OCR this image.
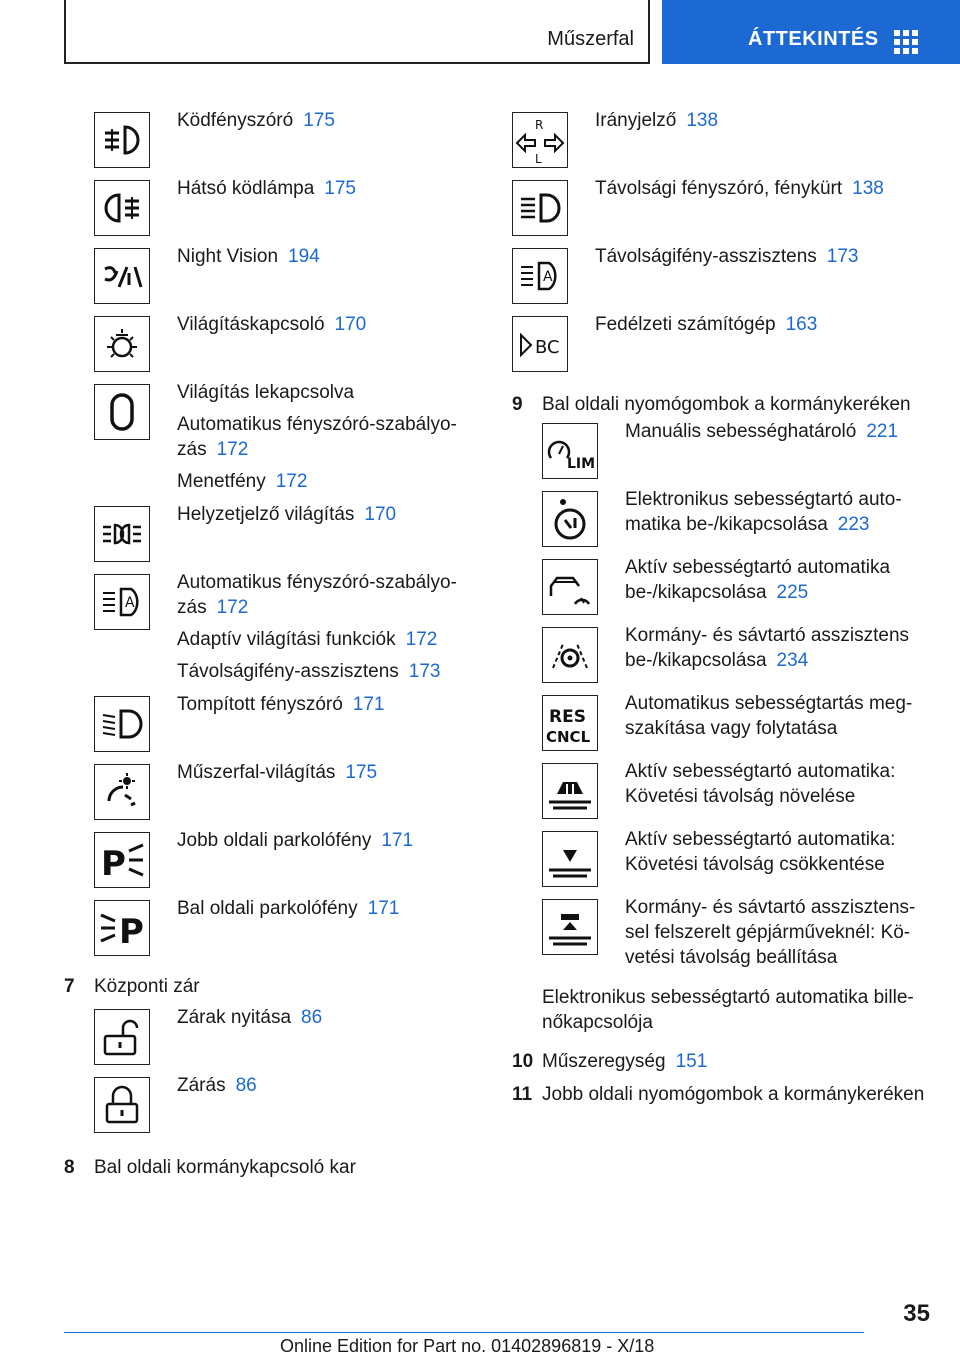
Műszerfal	ÁTTEKINTÉS

Ködfényszóró 175

Hátsó ködlámpa 175

Night Vision 194

Világításkapcsoló 170

Világítás lekapcsolva

Automatikus fényszóró-szabályo-zás 172

Menetfény 172

Helyzetjelző világítás 170

A

Automatikus fényszóró-szabályo-zás 172

Adaptív világítási funkciók 172

Távolságifény-asszisztens 173

Tompított fényszóró 171

Műszerfal-világítás 175

P

Jobb oldali parkolófény 171

P

Bal oldali parkolófény 171

7 Központi zár

Zárak nyitása 86

Zárás 86

8 Bal oldali kormánykapcsoló kar
R
L

Irányjelző 138

Távolsági fényszóró, fénykürt 138

A

Távolságifény-asszisztens 173

BC

Fedélzeti számítógép 163

9 Bal oldali nyomógombok a kormánykeréken
LIM

Manuális sebességhatároló 221

Elektronikus sebességtartó auto-matika be-/kikapcsolása 223

Aktív sebességtartó automatika be-/kikapcsolása 225

Kormány- és sávtartó asszisztens be-/kikapcsolása 234

RES
CNCL

Automatikus sebességtartás meg-szakítása vagy folytatása

Aktív sebességtartó automatika: Követési távolság növelése

Aktív sebességtartó automatika: Követési távolság csökkentése

Kormány- és sávtartó asszisztens-sel felszerelt gépjárműveknél: Kö-vetési távolság beállítása

Elektronikus sebességtartó automatika bille-nőkapcsolója
10 Műszeregység 151
11 Jobb oldali nyomógombok a kormánykeréken
35
Online Edition for Part no. 01402896819 - X/18
